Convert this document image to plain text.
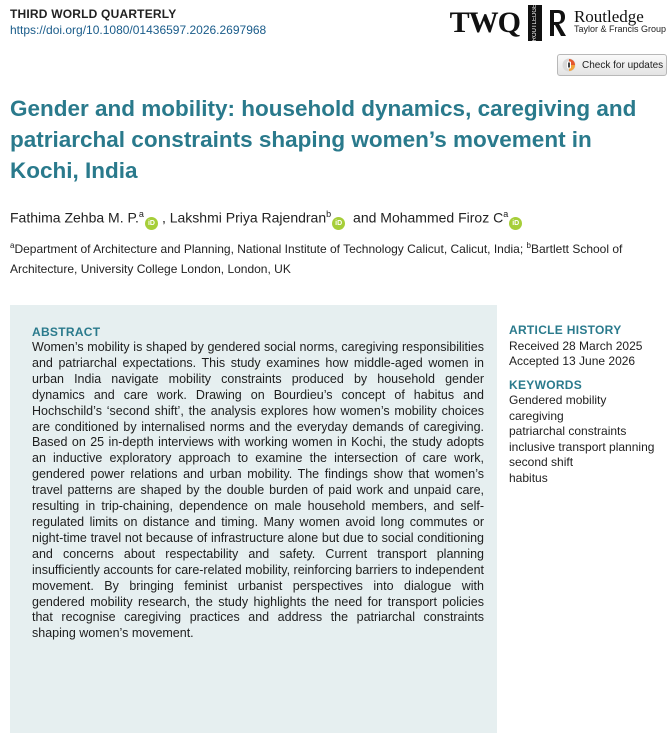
THIRD WORLD QUARTERLY
https://doi.org/10.1080/01436597.2026.2697968	TWQ ROUTLEDGE Routledge
Taylor & Francis Group
Check for updates
Gender and mobility: household dynamics, caregiving and patriarchal constraints shaping women’s movement in Kochi, India
Fathima Zehba M. P.$^a$iD , Lakshmi Priya Rajendran$^b$iD and Mohammed Firoz $C^aiD$
$^a$Department of Architecture and Planning, National Institute of Technology Calicut, Calicut, India; $^b$Bartlett School of Architecture, University College London, London, UK
ABSTRACT
Women’s mobility is shaped by gendered social norms, caregiving responsibilities and patriarchal expectations. This study examines how middle-aged women in urban India navigate mobility constraints produced by household gender dynamics and care work. Drawing on Bourdieu’s concept of habitus and Hochschild’s ‘second shift’, the analysis explores how women’s mobility choices are conditioned by internalised norms and the everyday demands of caregiving. Based on 25 in-depth interviews with working women in Kochi, the study adopts an inductive exploratory approach to examine the intersection of care work, gendered power relations and urban mobility. The findings show that women’s travel patterns are shaped by the double burden of paid work and unpaid care, resulting in trip-chaining, dependence on male household members, and self-regulated limits on distance and timing. Many women avoid long commutes or night-time travel not because of infrastructure alone but due to social conditioning and concerns about respectability and safety. Current transport planning insufficiently accounts for care-related mobility, reinforcing barriers to independent movement. By bringing feminist urbanist perspectives into dialogue with gendered mobility research, the study highlights the need for transport policies that recognise caregiving practices and address the patriarchal constraints shaping women’s movement.
ARTICLE HISTORY
Received 28 March 2025
Accepted 13 June 2026
KEYWORDS
Gendered mobility
caregiving
patriarchal constraints
inclusive transport planning
second shift
habitus
